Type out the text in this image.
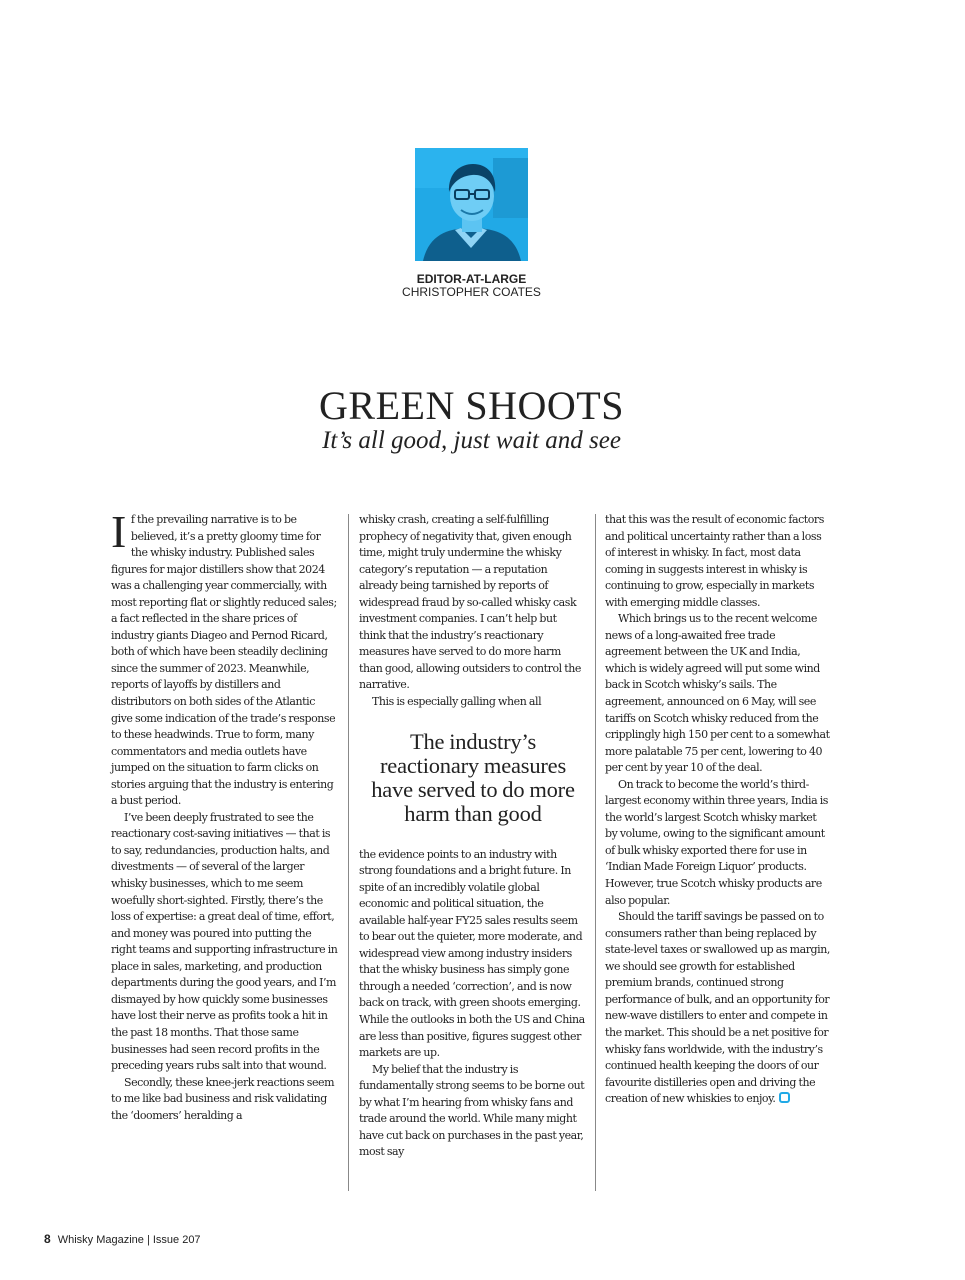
EDITOR-AT-LARGE
CHRISTOPHER COATES
GREEN SHOOTS
It’s all good, just wait and see

If the prevailing narrative is to be believed, it’s a pretty gloomy time for the whisky industry. Published sales figures for major distillers show that 2024 was a challenging year commercially, with most reporting flat or slightly reduced sales; a fact reflected in the share prices of industry giants Diageo and Pernod Ricard, both of which have been steadily declining since the summer of 2023. Meanwhile, reports of layoffs by distillers and distributors on both sides of the Atlantic give some indication of the trade’s response to these headwinds. True to form, many commentators and media outlets have jumped on the situation to farm clicks on stories arguing that the industry is entering a bust period.

I’ve been deeply frustrated to see the reactionary cost-saving initiatives — that is to say, redundancies, production halts, and divestments — of several of the larger whisky businesses, which to me seem woefully short-sighted. Firstly, there’s the loss of expertise: a great deal of time, effort, and money was poured into putting the right teams and supporting infrastructure in place in sales, marketing, and production departments during the good years, and I’m dismayed by how quickly some businesses have lost their nerve as profits took a hit in the past 18 months. That those same businesses had seen record profits in the preceding years rubs salt into that wound.

Secondly, these knee-jerk reactions seem to me like bad business and risk validating the ‘doomers’ heralding a

whisky crash, creating a self-fulfilling prophecy of negativity that, given enough time, might truly undermine the whisky category’s reputation — a reputation already being tarnished by reports of widespread fraud by so-called whisky cask investment companies. I can’t help but think that the industry’s reactionary measures have served to do more harm than good, allowing outsiders to control the narrative.

This is especially galling when all

The industry’s reactionary measures have served to do more harm than good

the evidence points to an industry with strong foundations and a bright future. In spite of an incredibly volatile global economic and political situation, the available half-year FY25 sales results seem to bear out the quieter, more moderate, and widespread view among industry insiders that the whisky business has simply gone through a needed ‘correction’, and is now back on track, with green shoots emerging. While the outlooks in both the US and China are less than positive, figures suggest other markets are up.

My belief that the industry is fundamentally strong seems to be borne out by what I’m hearing from whisky fans and trade around the world. While many might have cut back on purchases in the past year, most say

that this was the result of economic factors and political uncertainty rather than a loss of interest in whisky. In fact, most data coming in suggests interest in whisky is continuing to grow, especially in markets with emerging middle classes.

Which brings us to the recent welcome news of a long-awaited free trade agreement between the UK and India, which is widely agreed will put some wind back in Scotch whisky’s sails. The agreement, announced on 6 May, will see tariffs on Scotch whisky reduced from the cripplingly high 150 per cent to a somewhat more palatable 75 per cent, lowering to 40 per cent by year 10 of the deal.

On track to become the world’s third-largest economy within three years, India is the world’s largest Scotch whisky market by volume, owing to the significant amount of bulk whisky exported there for use in ‘Indian Made Foreign Liquor’ products. However, true Scotch whisky products are also popular.

Should the tariff savings be passed on to consumers rather than being replaced by state-level taxes or swallowed up as margin, we should see growth for established premium brands, continued strong performance of bulk, and an opportunity for new-wave distillers to enter and compete in the market. This should be a net positive for whisky fans worldwide, with the industry’s continued health keeping the doors of our favourite distilleries open and driving the creation of new whiskies to enjoy.

8 Whisky Magazine | Issue 207
